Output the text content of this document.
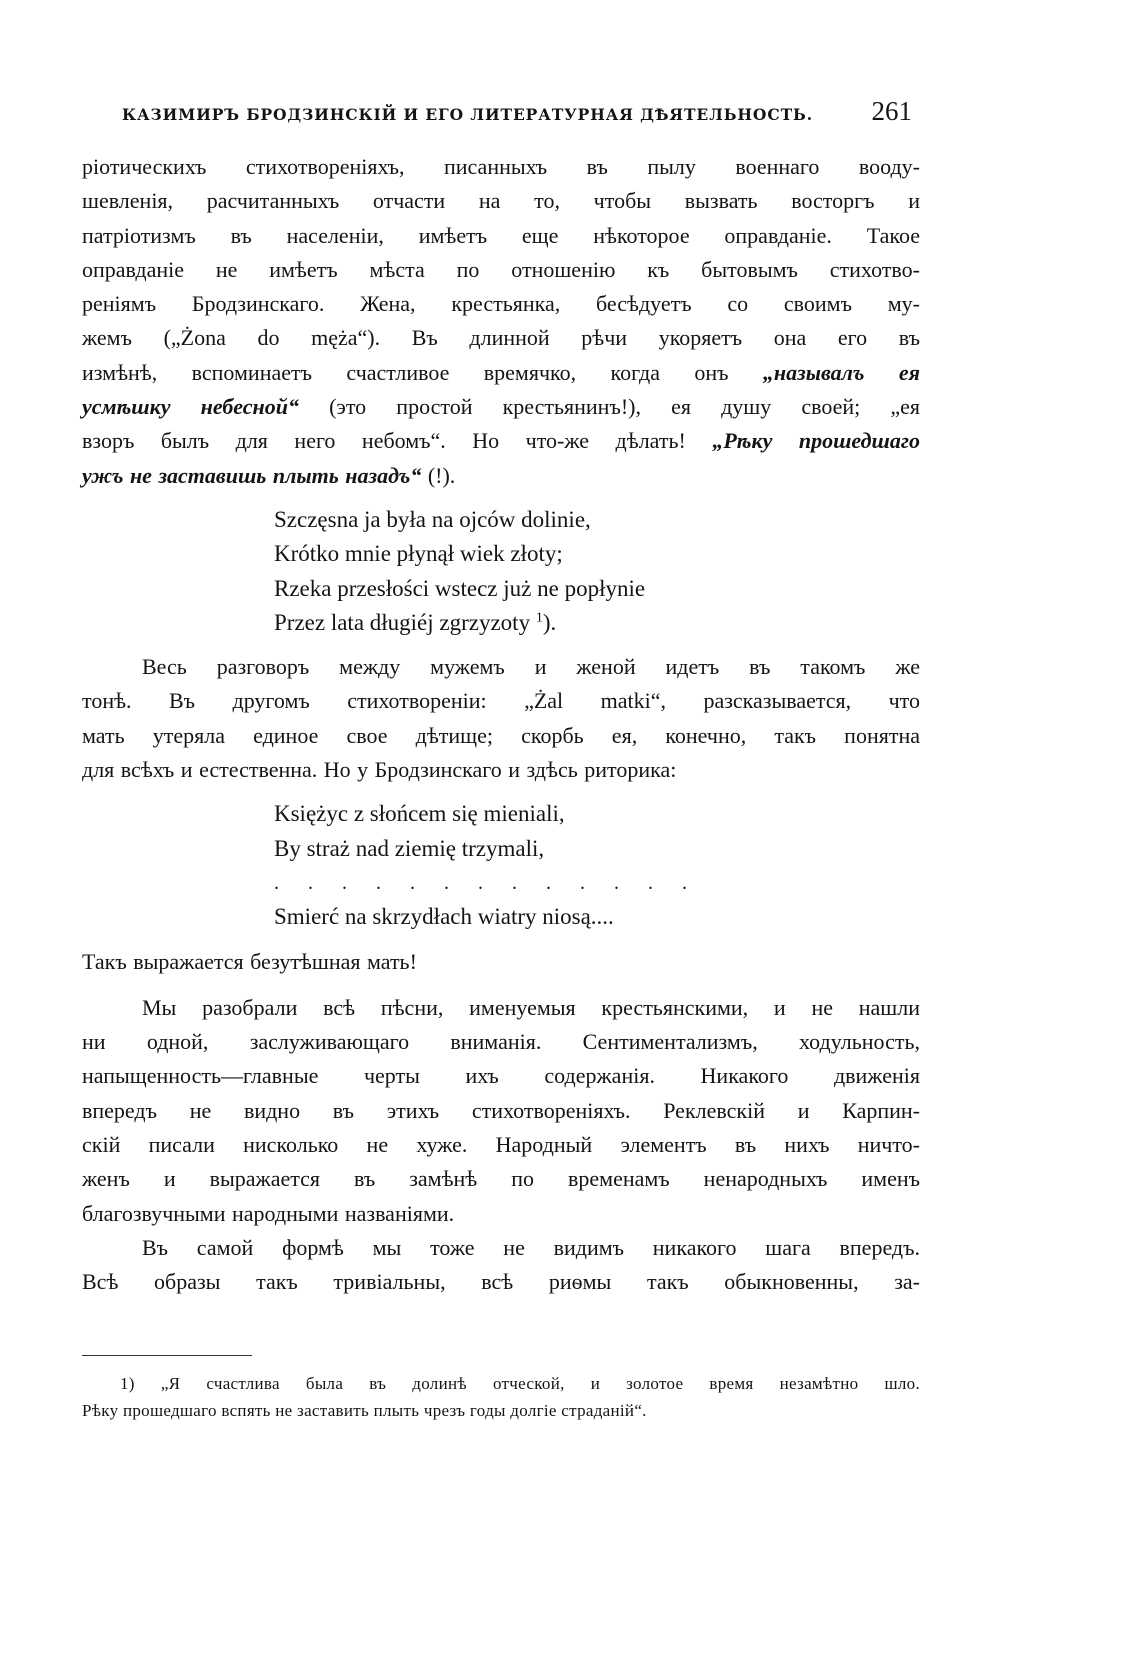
КАЗИМИРЪ БРОДЗИНСКІЙ И ЕГО ЛИТЕРАТУРНАЯ ДѢЯТЕЛЬНОСТЬ. 261

ріотическихъ стихотвореніяхъ, писанныхъ въ пылу военнаго вооду-

шевленія, расчитанныхъ отчасти на то, чтобы вызвать восторгъ и

патріотизмъ въ населеніи, имѣетъ еще нѣкоторое оправданіе. Такое

оправданіе не имѣетъ мѣста по отношенію къ бытовымъ стихотво-

реніямъ Бродзинскаго. Жена, крестьянка, бесѣдуетъ со своимъ му-

жемъ („Żona do męża“). Въ длинной рѣчи укоряетъ она его въ

измѣнѣ, вспоминаетъ счастливое времячко, когда онъ „называлъ ея

усмѣшку небесной“ (это простой крестьянинъ!), ея душу своей; „ея

взоръ былъ для него небомъ“. Но что-же дѣлать! „Рѣку прошедшаго

ужъ не заставишь плыть назадъ“ (!).

Szczęsna ja była na ojców dolinie,
Krótko mnie płynął wiek złoty;
Rzeka przesłości wstecz już ne popłynie
Przez lata długiéj zgrzyzoty $^1$).

Весь разговоръ между мужемъ и женой идетъ въ такомъ же

тонѣ. Въ другомъ стихотвореніи: „Żal matki“, разсказывается, что

мать утеряла единое свое дѣтище; скорбь ея, конечно, такъ понятна

для всѣхъ и естественна. Но у Бродзинскаго и здѣсь риторика:

Księżyc z słońcem się mieniali,
By straż nad ziemię trzymali,
. . . . . . . . . . . . .
Smierć na skrzydłach wiatry niosą....

Такъ выражается безутѣшная мать!

Мы разобрали всѣ пѣсни, именуемыя крестьянскими, и не нашли

ни одной, заслуживающаго вниманія. Сентиментализмъ, ходульность,

напыщенность—главные черты ихъ содержанія. Никакого движенія

впередъ не видно въ этихъ стихотвореніяхъ. Реклевскій и Карпин-

скій писали нисколько не хуже. Народный элементъ въ нихъ ничто-

женъ и выражается въ замѣнѣ по временамъ ненародныхъ именъ

благозвучными народными названіями.

Въ самой формѣ мы тоже не видимъ никакого шага впередъ.

Всѣ образы такъ тривіальны, всѣ риѳмы такъ обыкновенны, за-

1) „Я счастлива была въ долинѣ отческой, и золотое время незамѣтно шло.

Рѣку прошедшаго вспять не заставить плыть чрезъ годы долгіе страданій“.
